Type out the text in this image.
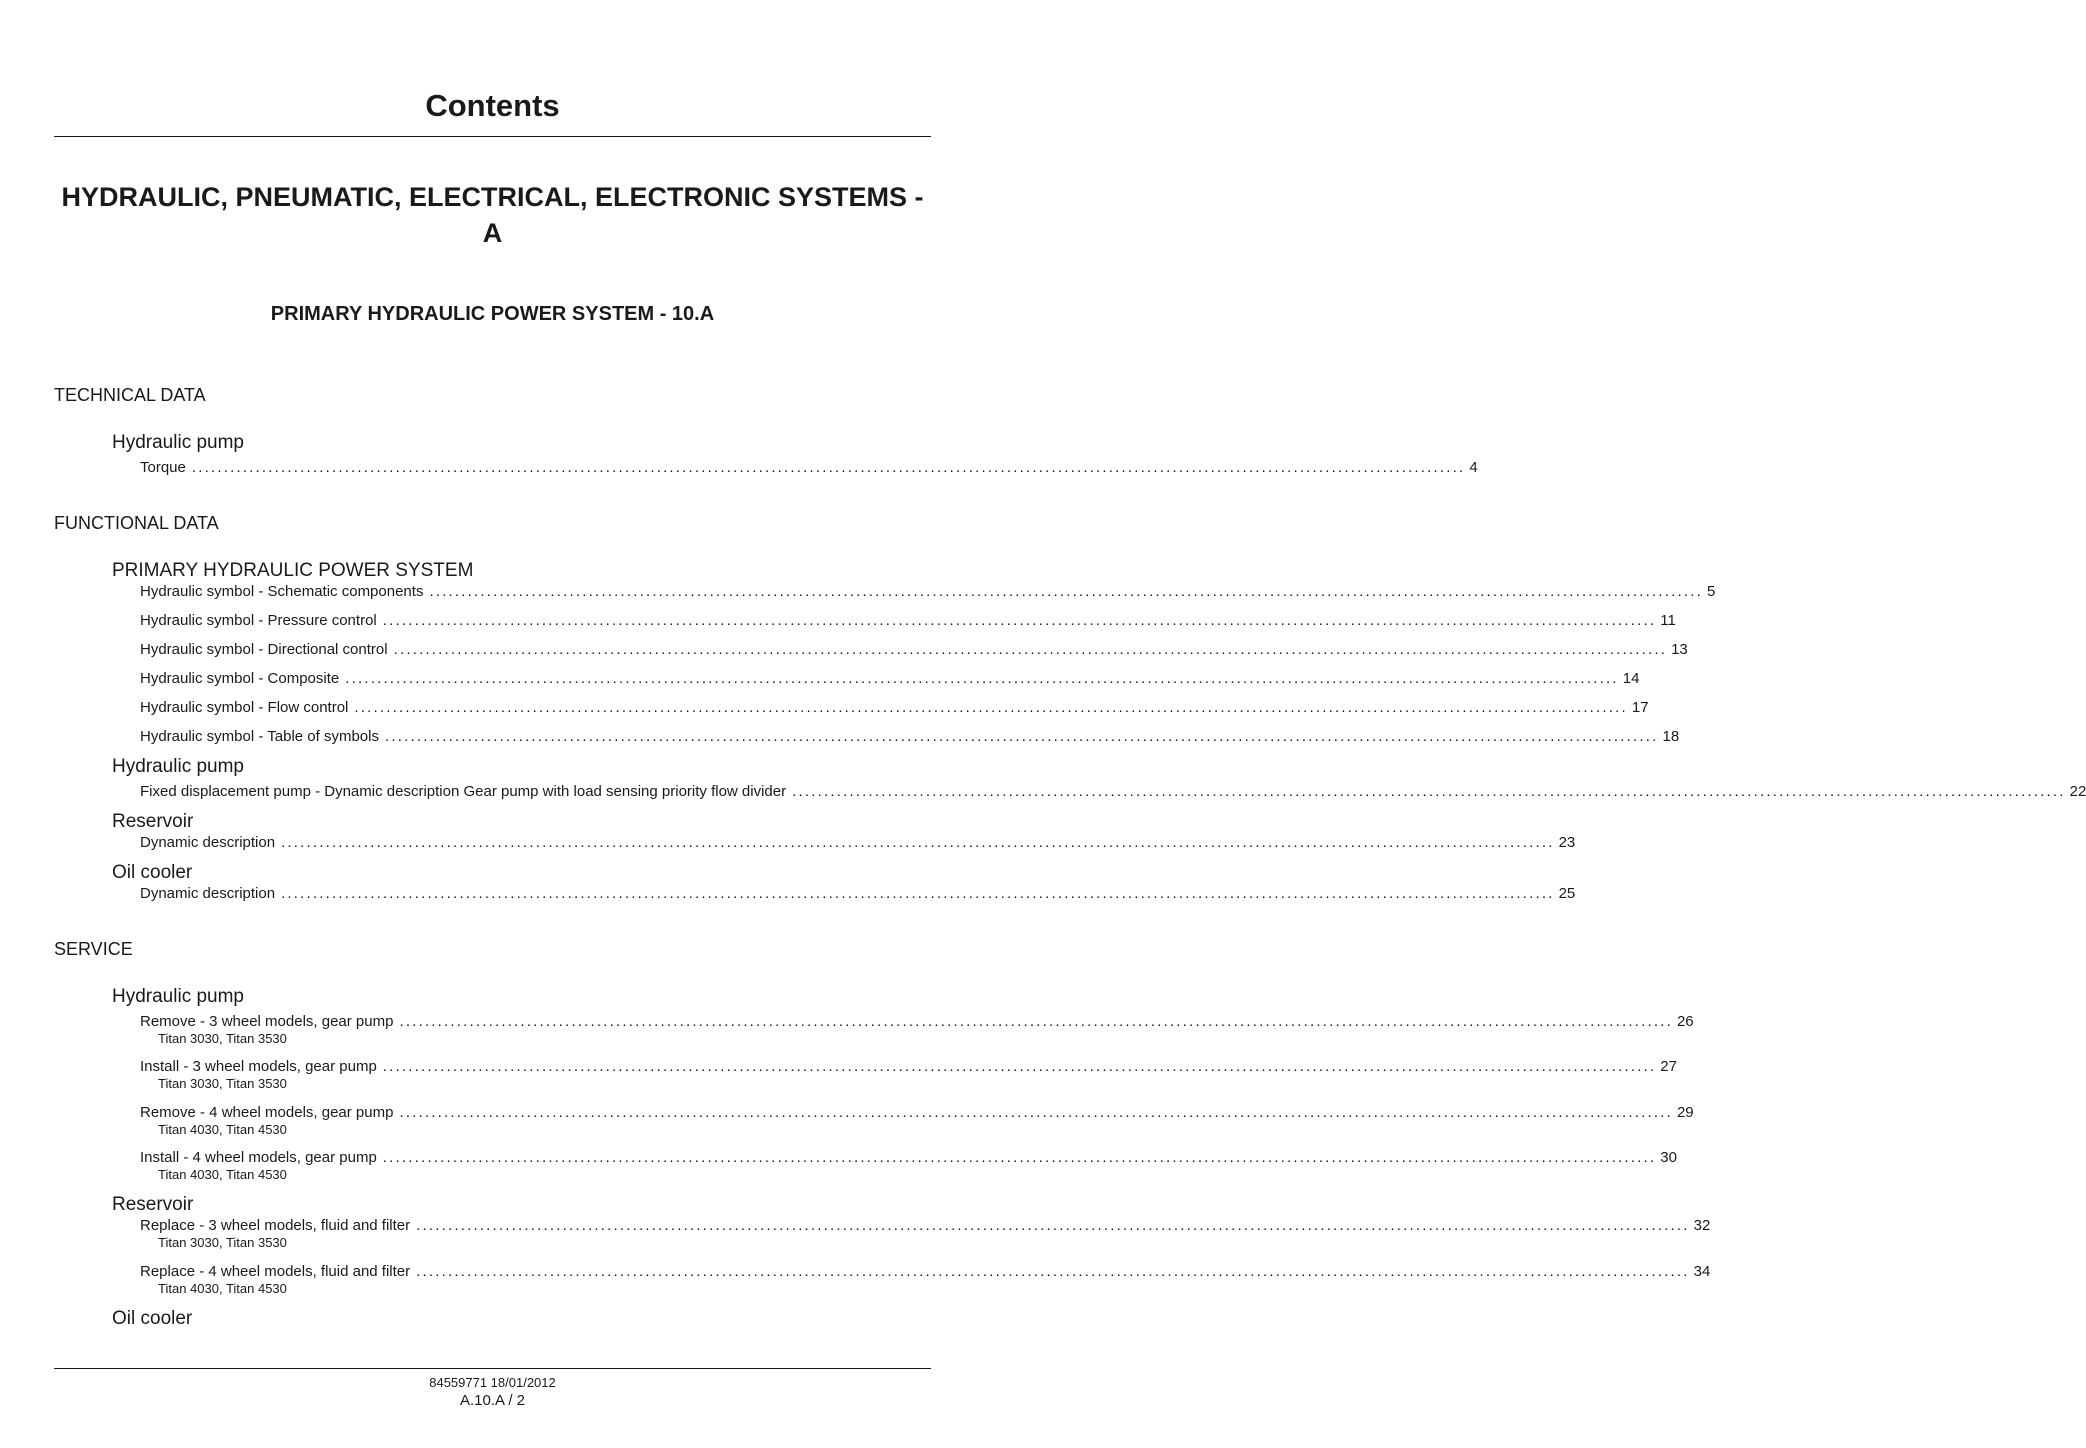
Contents
HYDRAULIC, PNEUMATIC, ELECTRICAL, ELECTRONIC SYSTEMS - A
PRIMARY HYDRAULIC POWER SYSTEM - 10.A
TECHNICAL DATA
Hydraulic pump
Torque ........................................................................................................................................................................................................ 4
FUNCTIONAL DATA
PRIMARY HYDRAULIC POWER SYSTEM
Hydraulic symbol - Schematic components ........................................................................................................................................................................................................ 5
Hydraulic symbol - Pressure control ........................................................................................................................................................................................................ 11
Hydraulic symbol - Directional control ........................................................................................................................................................................................................ 13
Hydraulic symbol - Composite ........................................................................................................................................................................................................ 14
Hydraulic symbol - Flow control ........................................................................................................................................................................................................ 17
Hydraulic symbol - Table of symbols ........................................................................................................................................................................................................ 18
Hydraulic pump
Fixed displacement pump - Dynamic description Gear pump with load sensing priority flow divider ........................................................................................................................................................................................................ 22
Reservoir
Dynamic description ........................................................................................................................................................................................................ 23
Oil cooler
Dynamic description ........................................................................................................................................................................................................ 25
SERVICE
Hydraulic pump
Remove - 3 wheel models, gear pump ........................................................................................................................................................................................................ 26
Titan 3030, Titan 3530
Install - 3 wheel models, gear pump ........................................................................................................................................................................................................ 27
Titan 3030, Titan 3530
Remove - 4 wheel models, gear pump ........................................................................................................................................................................................................ 29
Titan 4030, Titan 4530
Install - 4 wheel models, gear pump ........................................................................................................................................................................................................ 30
Titan 4030, Titan 4530
Reservoir
Replace - 3 wheel models, fluid and filter ........................................................................................................................................................................................................ 32
Titan 3030, Titan 3530
Replace - 4 wheel models, fluid and filter ........................................................................................................................................................................................................ 34
Titan 4030, Titan 4530
Oil cooler
84559771 18/01/2012
A.10.A / 2
